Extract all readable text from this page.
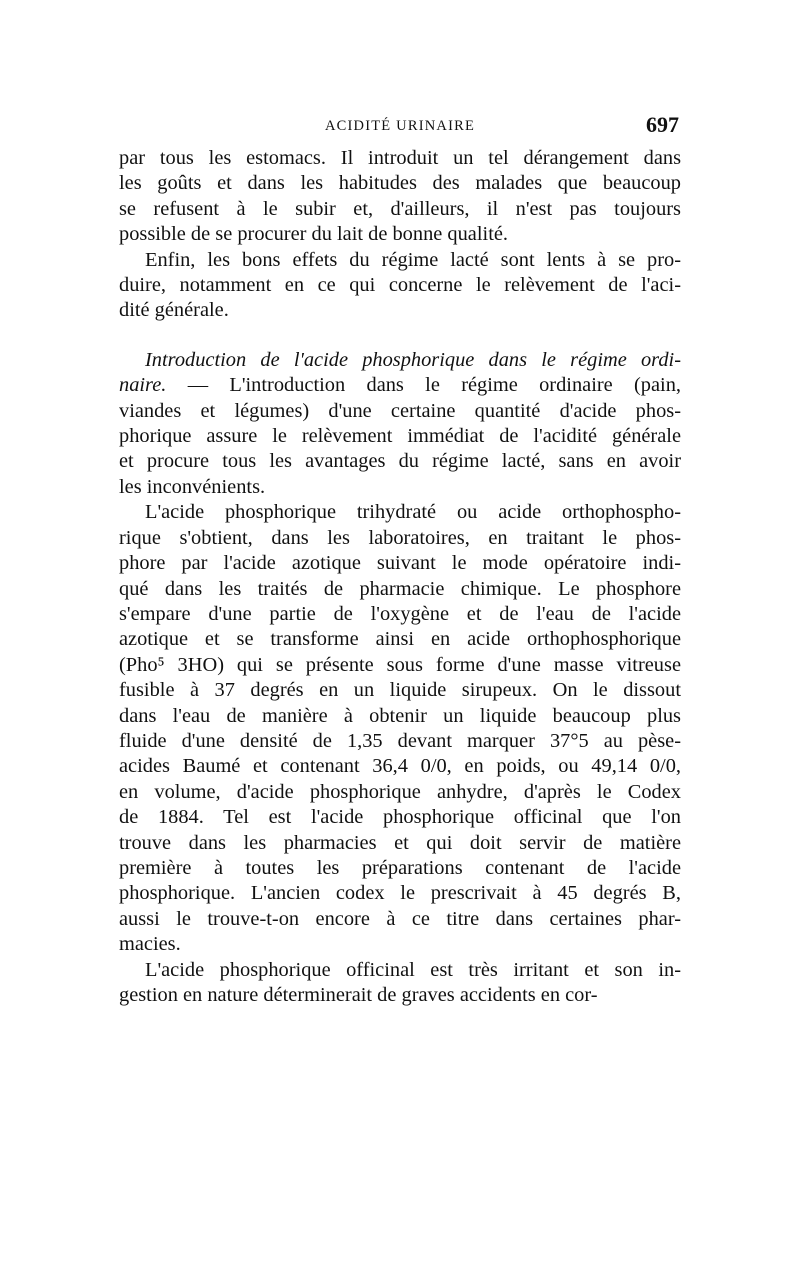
ACIDITÉ URINAIRE	697

par tous les estomacs. Il introduit un tel dérangement dans
les goûts et dans les habitudes des malades que beaucoup
se refusent à le subir et, d'ailleurs, il n'est pas toujours
possible de se procurer du lait de bonne qualité.

Enfin, les bons effets du régime lacté sont lents à se pro-
duire, notamment en ce qui concerne le relèvement de l'aci-
dité générale.

Introduction de l'acide phosphorique dans le régime ordi-
naire. — L'introduction dans le régime ordinaire (pain,
viandes et légumes) d'une certaine quantité d'acide phos-
phorique assure le relèvement immédiat de l'acidité générale
et procure tous les avantages du régime lacté, sans en avoir
les inconvénients.

L'acide phosphorique trihydraté ou acide orthophospho-
rique s'obtient, dans les laboratoires, en traitant le phos-
phore par l'acide azotique suivant le mode opératoire indi-
qué dans les traités de pharmacie chimique. Le phosphore
s'empare d'une partie de l'oxygène et de l'eau de l'acide
azotique et se transforme ainsi en acide orthophosphorique
(Pho⁵ 3HO) qui se présente sous forme d'une masse vitreuse
fusible à 37 degrés en un liquide sirupeux. On le dissout
dans l'eau de manière à obtenir un liquide beaucoup plus
fluide d'une densité de 1,35 devant marquer 37°5 au pèse-
acides Baumé et contenant 36,4 0/0, en poids, ou 49,14 0/0,
en volume, d'acide phosphorique anhydre, d'après le Codex
de 1884. Tel est l'acide phosphorique officinal que l'on
trouve dans les pharmacies et qui doit servir de matière
première à toutes les préparations contenant de l'acide
phosphorique. L'ancien codex le prescrivait à 45 degrés B,
aussi le trouve-t-on encore à ce titre dans certaines phar-
macies.

L'acide phosphorique officinal est très irritant et son in-
gestion en nature déterminerait de graves accidents en cor-
